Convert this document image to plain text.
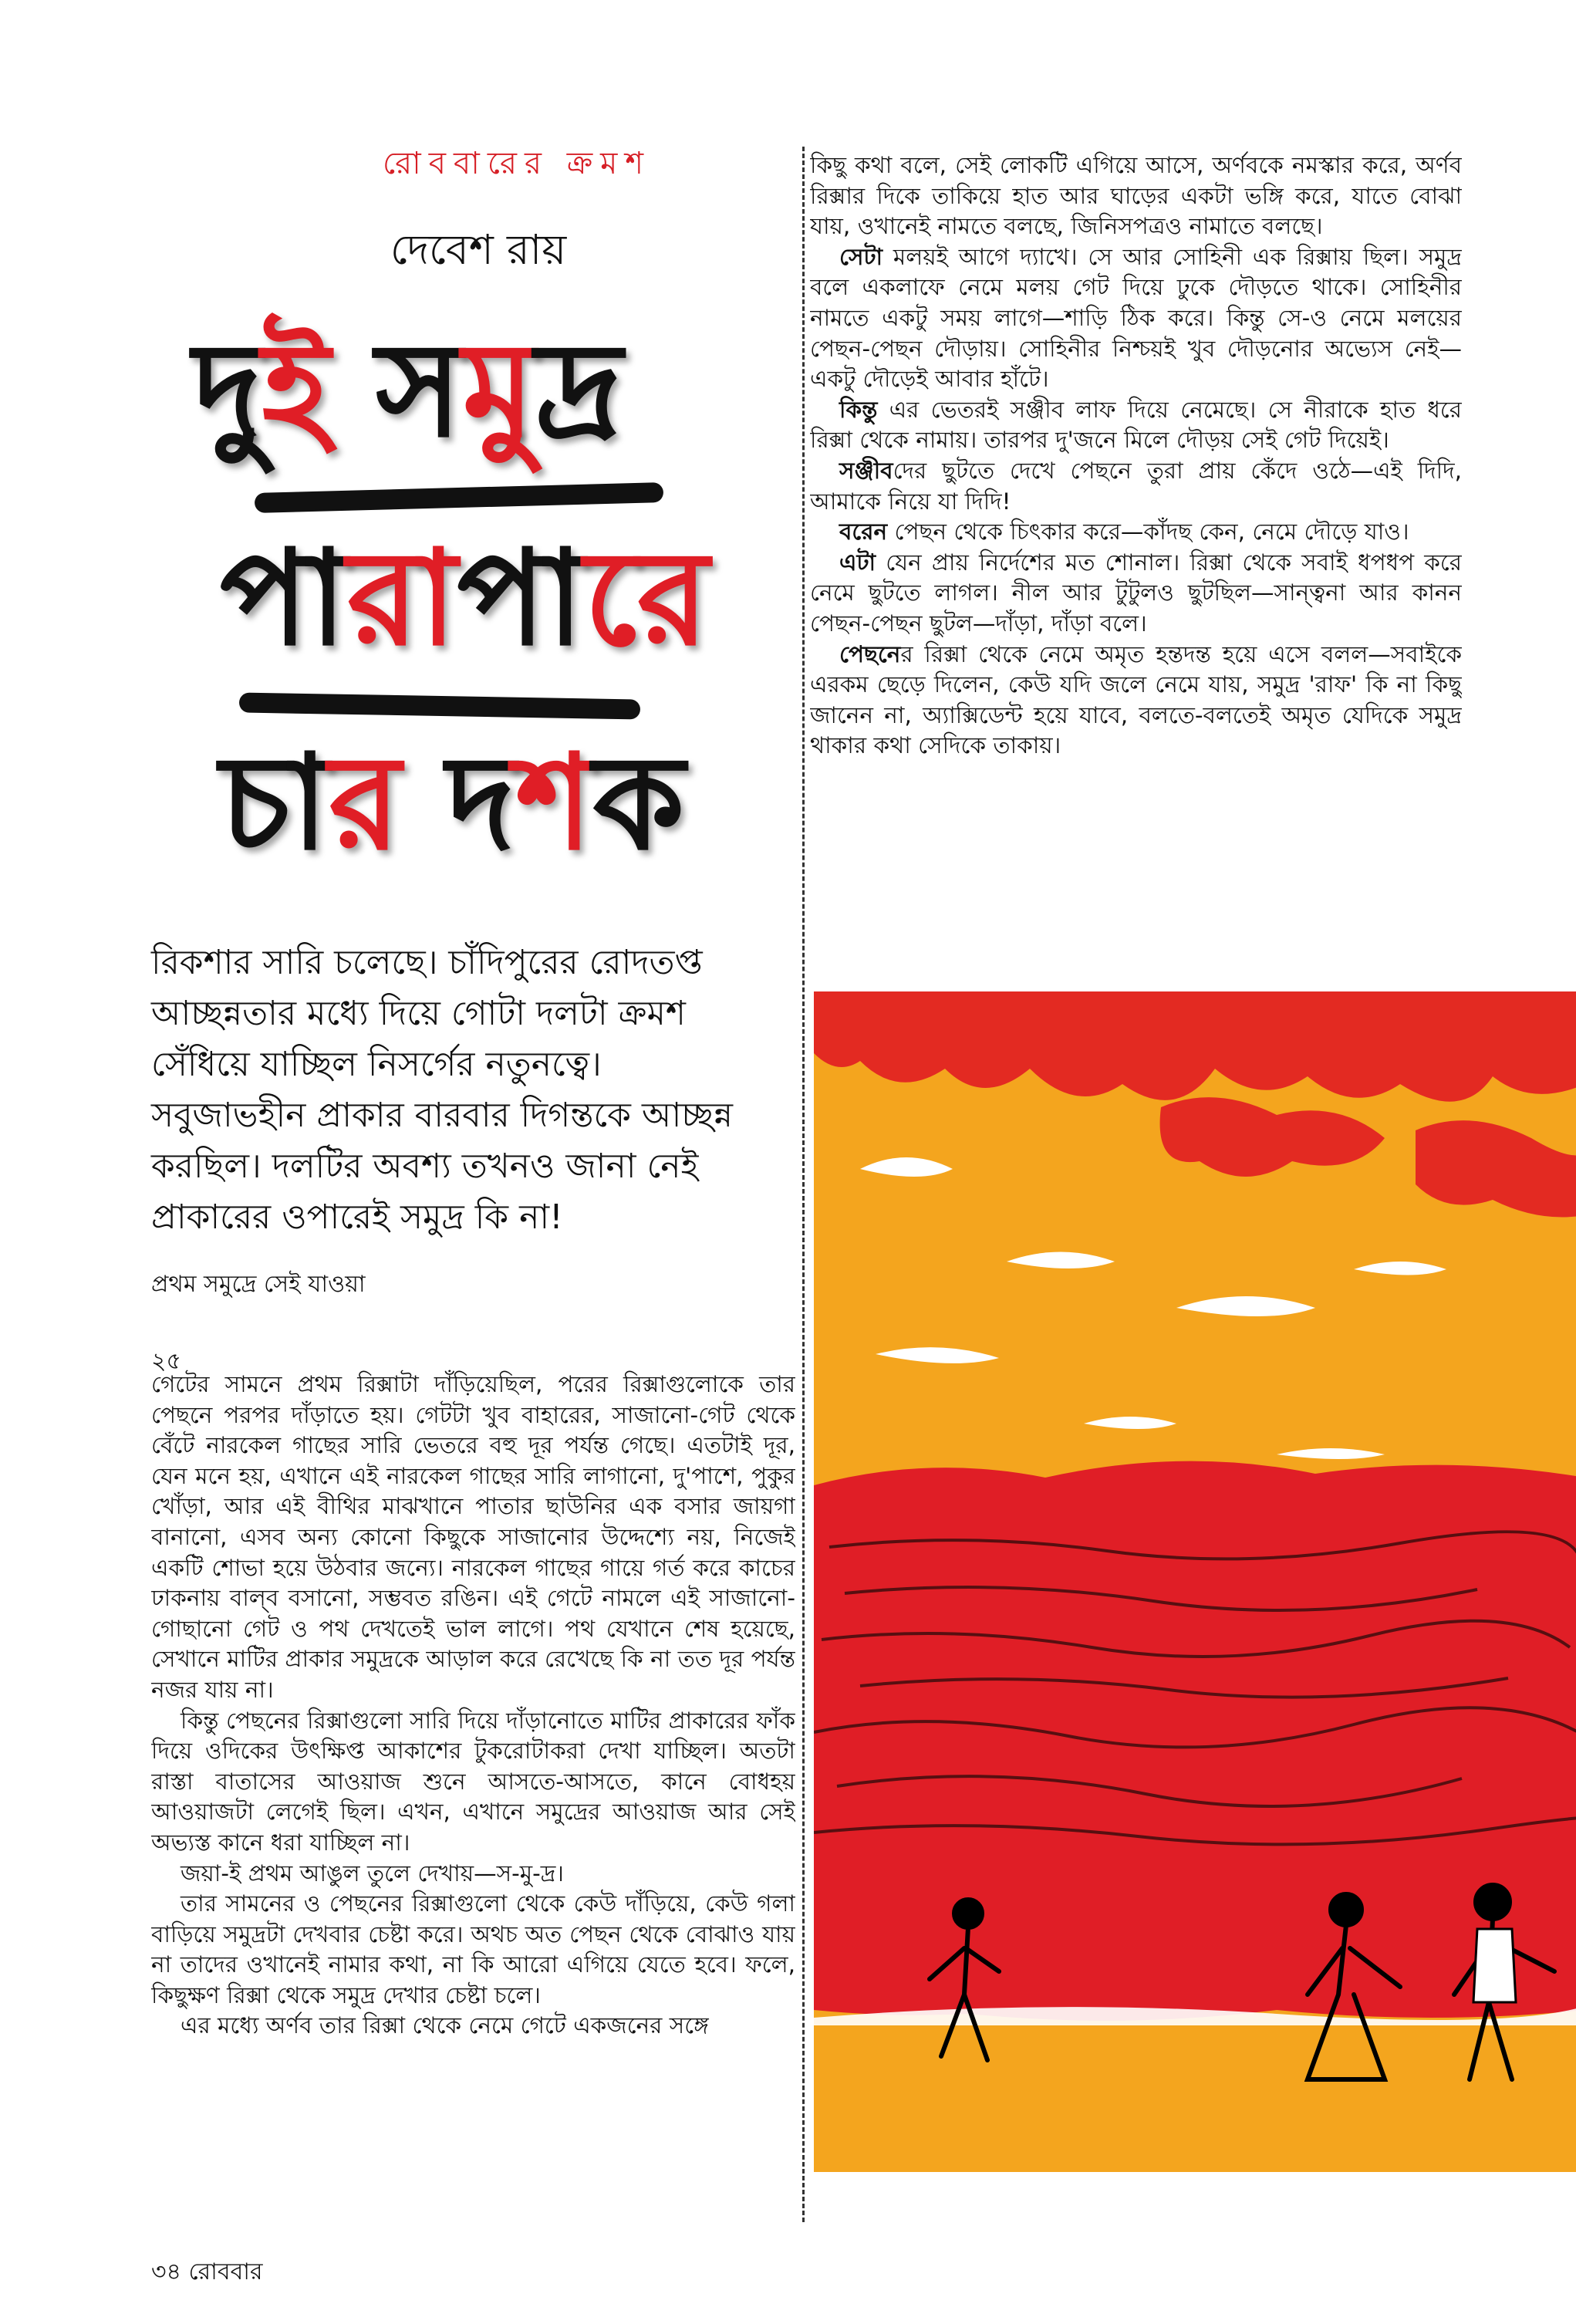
রোববারের ক্রমশ
দেবেশ রায়
দুই সমুদ্র
পারাপারে
চার দশক

রিকশার সারি চলেছে। চাঁদিপুরের রোদতপ্ত

আচ্ছন্নতার মধ্যে দিয়ে গোটা দলটা ক্রমশ

সেঁধিয়ে যাচ্ছিল নিসর্গের নতুনত্বে।

সবুজাভহীন প্রাকার বারবার দিগন্তকে আচ্ছন্ন

করছিল। দলটির অবশ্য তখনও জানা নেই

প্রাকারের ওপারেই সমুদ্র কি না!

প্রথম সমুদ্রে সেই যাওয়া
২৫

গেটের সামনে প্রথম রিক্সাটা দাঁড়িয়েছিল, পরের রিক্সাগুলোকে তার পেছনে পরপর দাঁড়াতে হয়। গেটটা খুব বাহারের, সাজানো-গেট থেকে বেঁটে নারকেল গাছের সারি ভেতরে বহু দূর পর্যন্ত গেছে। এতটাই দূর, যেন মনে হয়, এখানে এই নারকেল গাছের সারি লাগানো, দু'পাশে, পুকুর খোঁড়া, আর এই বীথির মাঝখানে পাতার ছাউনির এক বসার জায়গা বানানো, এসব অন্য কোনো কিছুকে সাজানোর উদ্দেশ্যে নয়, নিজেই একটি শোভা হয়ে উঠবার জন্যে। নারকেল গাছের গায়ে গর্ত করে কাচের ঢাকনায় বাল্‌ব বসানো, সম্ভবত রঙিন। এই গেটে নামলে এই সাজানো-গোছানো গেট ও পথ দেখতেই ভাল লাগে। পথ যেখানে শেষ হয়েছে, সেখানে মাটির প্রাকার সমুদ্রকে আড়াল করে রেখেছে কি না তত দূর পর্যন্ত নজর যায় না।

কিন্তু পেছনের রিক্সাগুলো সারি দিয়ে দাঁড়ানোতে মাটির প্রাকারের ফাঁক দিয়ে ওদিকের উৎক্ষিপ্ত আকাশের টুকরোটাকরা দেখা যাচ্ছিল। অতটা রাস্তা বাতাসের আওয়াজ শুনে আসতে-আসতে, কানে বোধহয় আওয়াজটা লেগেই ছিল। এখন, এখানে সমুদ্রের আওয়াজ আর সেই অভ্যস্ত কানে ধরা যাচ্ছিল না।

জয়া-ই প্রথম আঙুল তুলে দেখায়—স-মু-দ্র।

তার সামনের ও পেছনের রিক্সাগুলো থেকে কেউ দাঁড়িয়ে, কেউ গলা বাড়িয়ে সমুদ্রটা দেখবার চেষ্টা করে। অথচ অত পেছন থেকে বোঝাও যায় না তাদের ওখানেই নামার কথা, না কি আরো এগিয়ে যেতে হবে। ফলে, কিছুক্ষণ রিক্সা থেকে সমুদ্র দেখার চেষ্টা চলে।

এর মধ্যে অর্ণব তার রিক্সা থেকে নেমে গেটে একজনের সঙ্গে

কিছু কথা বলে, সেই লোকটি এগিয়ে আসে, অর্ণবকে নমস্কার করে, অর্ণব রিক্সার দিকে তাকিয়ে হাত আর ঘাড়ের একটা ভঙ্গি করে, যাতে বোঝা যায়, ওখানেই নামতে বলছে, জিনিসপত্রও নামাতে বলছে।

সেটা মলয়ই আগে দ্যাখে। সে আর সোহিনী এক রিক্সায় ছিল। সমুদ্র বলে একলাফে নেমে মলয় গেট দিয়ে ঢুকে দৌড়তে থাকে। সোহিনীর নামতে একটু সময় লাগে—শাড়ি ঠিক করে। কিন্তু সে-ও নেমে মলয়ের পেছন-পেছন দৌড়ায়। সোহিনীর নিশ্চয়ই খুব দৌড়নোর অভ্যেস নেই—একটু দৌড়েই আবার হাঁটে।

কিন্তু এর ভেতরই সঞ্জীব লাফ দিয়ে নেমেছে। সে নীরাকে হাত ধরে রিক্সা থেকে নামায়। তারপর দু'জনে মিলে দৌড়য় সেই গেট দিয়েই।

সঞ্জীবদের ছুটতে দেখে পেছনে তুরা প্রায় কেঁদে ওঠে—এই দিদি, আমাকে নিয়ে যা দিদি!

বরেন পেছন থেকে চিৎকার করে—কাঁদছ কেন, নেমে দৌড়ে যাও।

এটা যেন প্রায় নির্দেশের মত শোনাল। রিক্সা থেকে সবাই ধপধপ করে নেমে ছুটতে লাগল। নীল আর টুটুলও ছুটছিল—সান্ত্বনা আর কানন পেছন-পেছন ছুটল—দাঁড়া, দাঁড়া বলে।

পেছনের রিক্সা থেকে নেমে অমৃত হন্তদন্ত হয়ে এসে বলল—সবাইকে এরকম ছেড়ে দিলেন, কেউ যদি জলে নেমে যায়, সমুদ্র 'রাফ' কি না কিছু জানেন না, অ্যাক্সিডেন্ট হয়ে যাবে, বলতে-বলতেই অমৃত যেদিকে সমুদ্র থাকার কথা সেদিকে তাকায়।

৩৪ রোববার
